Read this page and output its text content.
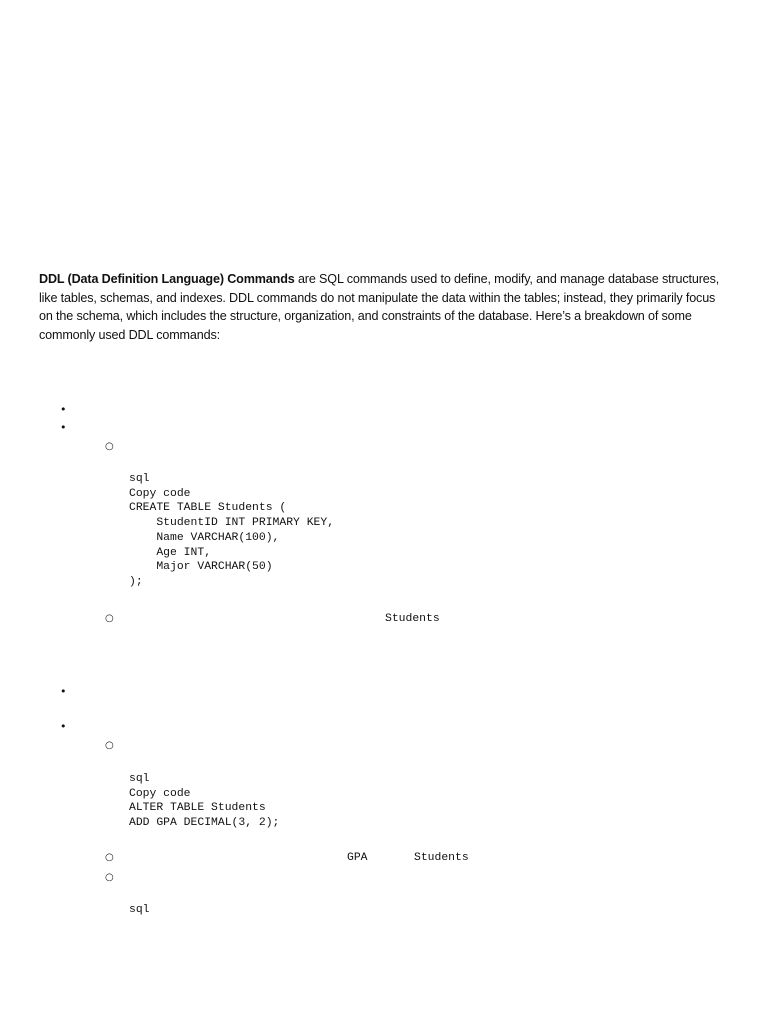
DDL (Data Definition Language) Commands are SQL commands used to define, modify, and manage database structures, like tables, schemas, and indexes. DDL commands do not manipulate the data within the tables; instead, they primarily focus on the schema, which includes the structure, organization, and constraints of the database. Here’s a breakdown of some commonly used DDL commands:

•
•
○
sql
Copy code
CREATE TABLE Students (
StudentID INT PRIMARY KEY,
Name VARCHAR(100),
Age INT,
Major VARCHAR(50)
);
○	Students
•
•
○
sql
Copy code
ALTER TABLE Students
ADD GPA DECIMAL(3, 2);
○	GPA	Students
○
sql
